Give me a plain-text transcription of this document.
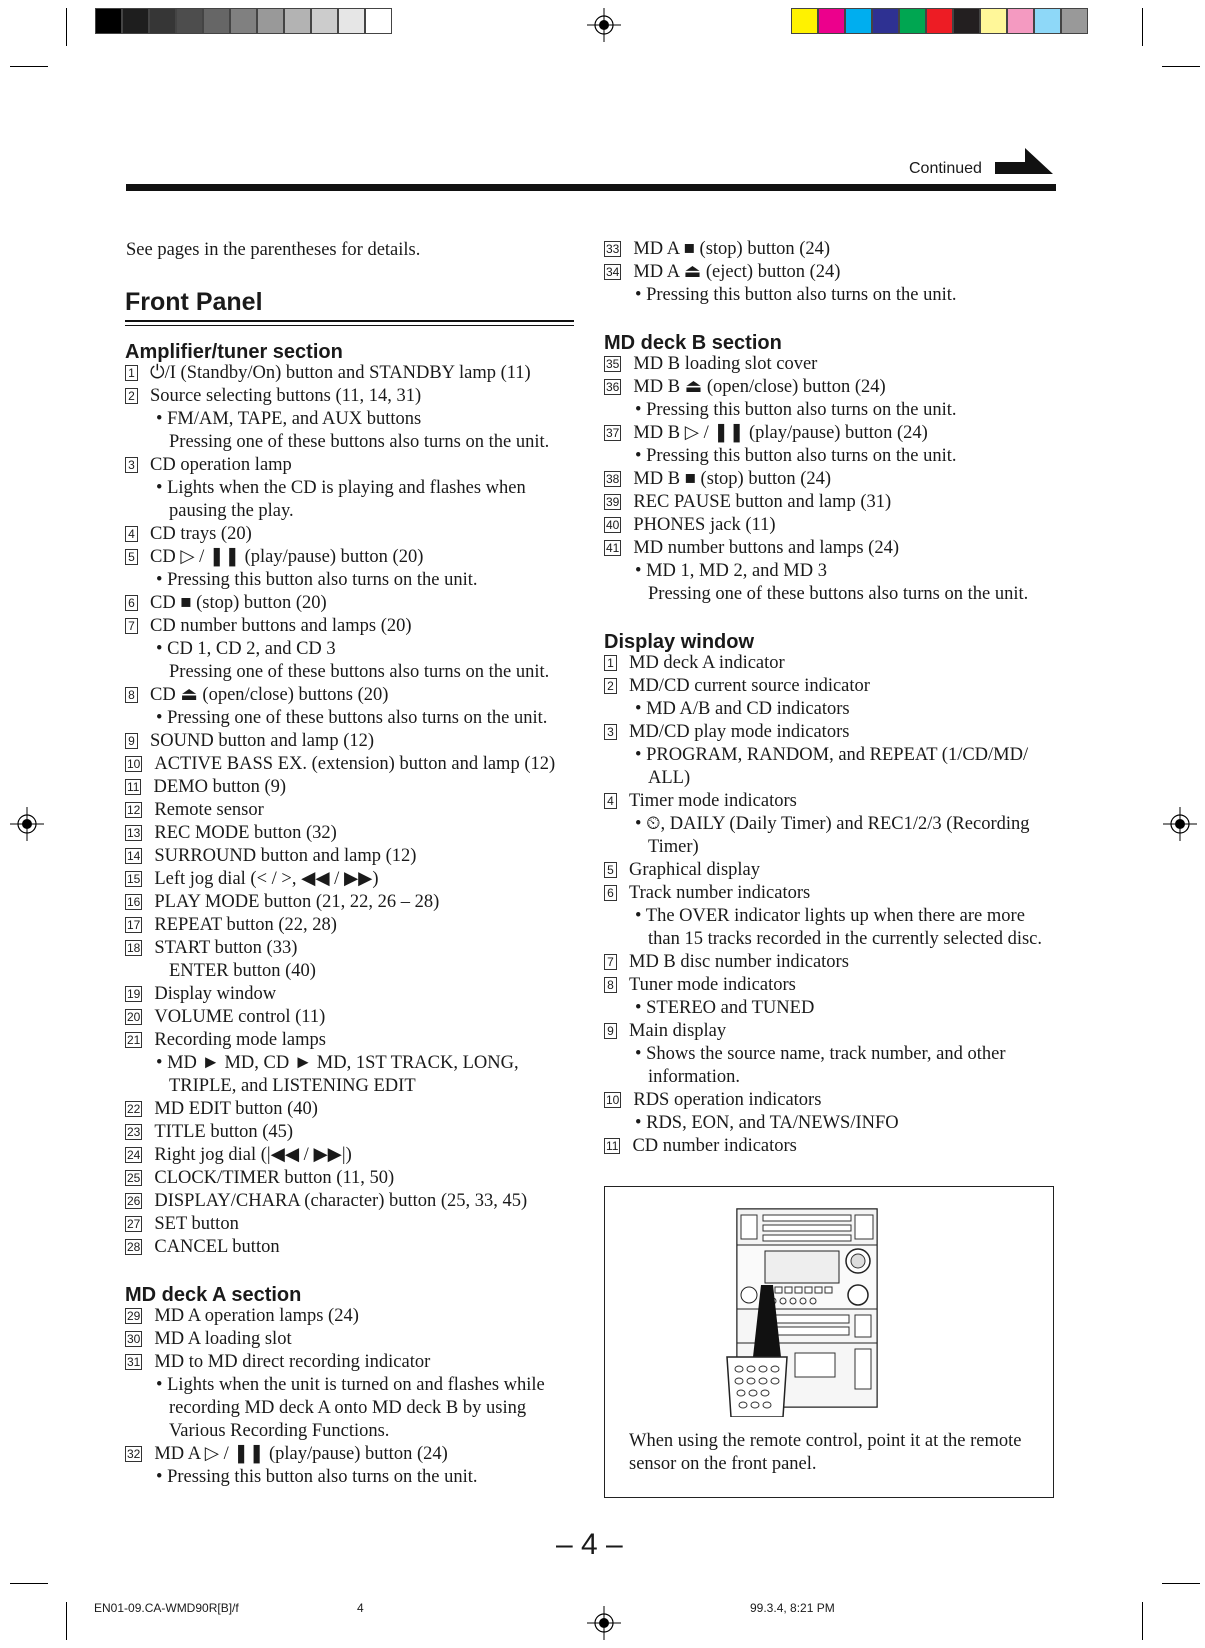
Continued
See pages in the parentheses for details.
Front Panel
Amplifier/tuner section
1 ⏻/I (Standby/On) button and STANDBY lamp (11)
2 Source selecting buttons (11, 14, 31)
• FM/AM, TAPE, and AUX buttons
Pressing one of these buttons also turns on the unit.
3 CD operation lamp
• Lights when the CD is playing and flashes when
pausing the play.
4 CD trays (20)
5 CD ▷ / ❚❚ (play/pause) button (20)
• Pressing this button also turns on the unit.
6 CD ■ (stop) button (20)
7 CD number buttons and lamps (20)
• CD 1, CD 2, and CD 3
Pressing one of these buttons also turns on the unit.
8 CD ⏏ (open/close) buttons (20)
• Pressing one of these buttons also turns on the unit.
9 SOUND button and lamp (12)
10 ACTIVE BASS EX. (extension) button and lamp (12)
11 DEMO button (9)
12 Remote sensor
13 REC MODE button (32)
14 SURROUND button and lamp (12)
15 Left jog dial (< / >, ◀◀ / ▶▶)
16 PLAY MODE button (21, 22, 26 – 28)
17 REPEAT button (22, 28)
18 START button (33)
ENTER button (40)
19 Display window
20 VOLUME control (11)
21 Recording mode lamps
• MD ► MD, CD ► MD, 1ST TRACK, LONG,
TRIPLE, and LISTENING EDIT
22 MD EDIT button (40)
23 TITLE button (45)
24 Right jog dial (|◀◀ / ▶▶|)
25 CLOCK/TIMER button (11, 50)
26 DISPLAY/CHARA (character) button (25, 33, 45)
27 SET button
28 CANCEL button
MD deck A section
29 MD A operation lamps (24)
30 MD A loading slot
31 MD to MD direct recording indicator
• Lights when the unit is turned on and flashes while
recording MD deck A onto MD deck B by using
Various Recording Functions.
32 MD A ▷ / ❚❚ (play/pause) button (24)
• Pressing this button also turns on the unit.
33 MD A ■ (stop) button (24)
34 MD A ⏏ (eject) button (24)
• Pressing this button also turns on the unit.
MD deck B section
35 MD B loading slot cover
36 MD B ⏏ (open/close) button (24)
• Pressing this button also turns on the unit.
37 MD B ▷ / ❚❚ (play/pause) button (24)
• Pressing this button also turns on the unit.
38 MD B ■ (stop) button (24)
39 REC PAUSE button and lamp (31)
40 PHONES jack (11)
41 MD number buttons and lamps (24)
• MD 1, MD 2, and MD 3
Pressing one of these buttons also turns on the unit.
Display window
1 MD deck A indicator
2 MD/CD current source indicator
• MD A/B and CD indicators
3 MD/CD play mode indicators
• PROGRAM, RANDOM, and REPEAT (1/CD/MD/
ALL)
4 Timer mode indicators
• ⏲, DAILY (Daily Timer) and REC1/2/3 (Recording
Timer)
5 Graphical display
6 Track number indicators
• The OVER indicator lights up when there are more
than 15 tracks recorded in the currently selected disc.
7 MD B disc number indicators
8 Tuner mode indicators
• STEREO and TUNED
9 Main display
• Shows the source name, track number, and other
information.
10 RDS operation indicators
• RDS, EON, and TA/NEWS/INFO
11 CD number indicators
When using the remote control, point it at the remote
sensor on the front panel.
– 4 –
EN01-09.CA-WMD90R[B]/f	4	99.3.4, 8:21 PM
